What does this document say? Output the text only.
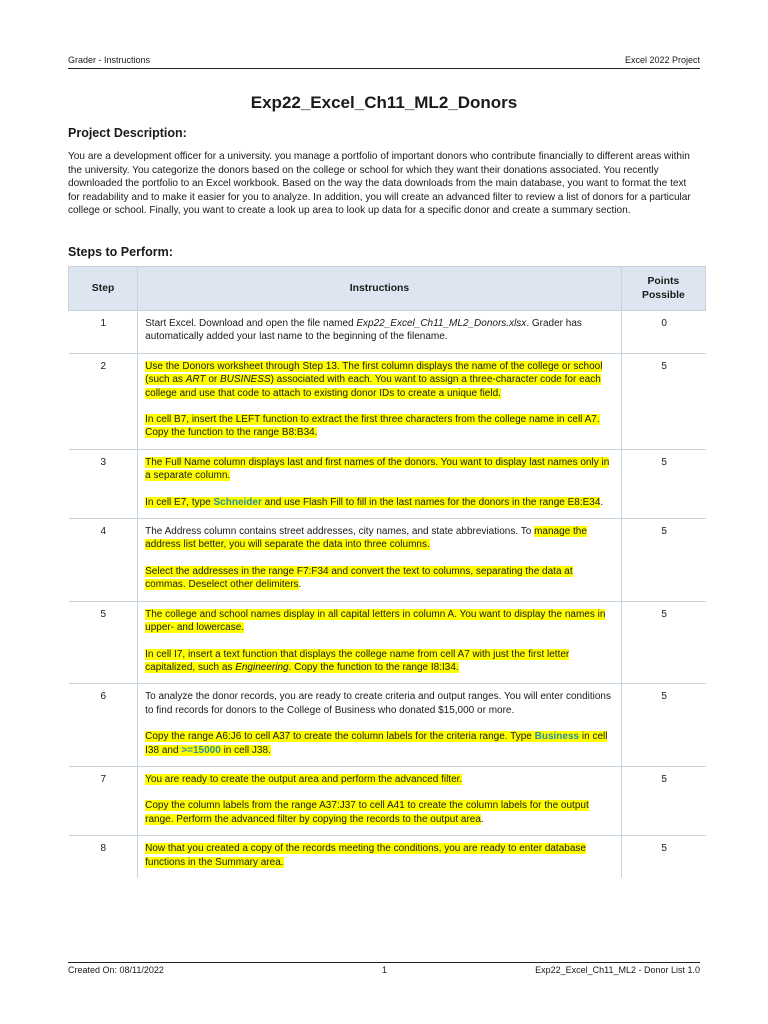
Grader - Instructions	Excel 2022 Project
Exp22_Excel_Ch11_ML2_Donors
Project Description:
You are a development officer for a university. you manage a portfolio of important donors who contribute financially to different areas within the university. You categorize the donors based on the college or school for which they want their donations associated. You recently downloaded the portfolio to an Excel workbook. Based on the way the data downloads from the main database, you want to format the text for readability and to make it easier for you to analyze. In addition, you will create an advanced filter to review a list of donors for a particular college or school. Finally, you want to create a look up area to look up data for a specific donor and create a summary section.
Steps to Perform:
Step	Instructions	Points
Possible

1	Start Excel. Download and open the file named Exp22_Excel_Ch11_ML2_Donors.xlsx. Grader has automatically added your last name to the beginning of the filename.	0
2	Use the Donors worksheet through Step 13. The first column displays the name of the college or school (such as ART or BUSINESS) associated with each. You want to assign a three-character code for each college and use that code to attach to existing donor IDs to create a unique field.

In cell B7, insert the LEFT function to extract the first three characters from the college name in cell A7. Copy the function to the range B8:B34.	5
3	The Full Name column displays last and first names of the donors. You want to display last names only in a separate column.

In cell E7, type Schneider and use Flash Fill to fill in the last names for the donors in the range E8:E34.	5
4	The Address column contains street addresses, city names, and state abbreviations. To manage the address list better, you will separate the data into three columns.

Select the addresses in the range F7:F34 and convert the text to columns, separating the data at commas. Deselect other delimiters.	5
5	The college and school names display in all capital letters in column A. You want to display the names in upper- and lowercase.

In cell I7, insert a text function that displays the college name from cell A7 with just the first letter capitalized, such as Engineering. Copy the function to the range I8:I34.	5
6	To analyze the donor records, you are ready to create criteria and output ranges. You will enter conditions to find records for donors to the College of Business who donated $15,000 or more.

Copy the range A6:J6 to cell A37 to create the column labels for the criteria range. Type Business in cell I38 and >=15000 in cell J38.	5
7	You are ready to create the output area and perform the advanced filter.

Copy the column labels from the range A37:J37 to cell A41 to create the column labels for the output range. Perform the advanced filter by copying the records to the output area.	5
8	Now that you created a copy of the records meeting the conditions, you are ready to enter database functions in the Summary area.	5
Created On: 08/11/2022	1	Exp22_Excel_Ch11_ML2 - Donor List 1.0
